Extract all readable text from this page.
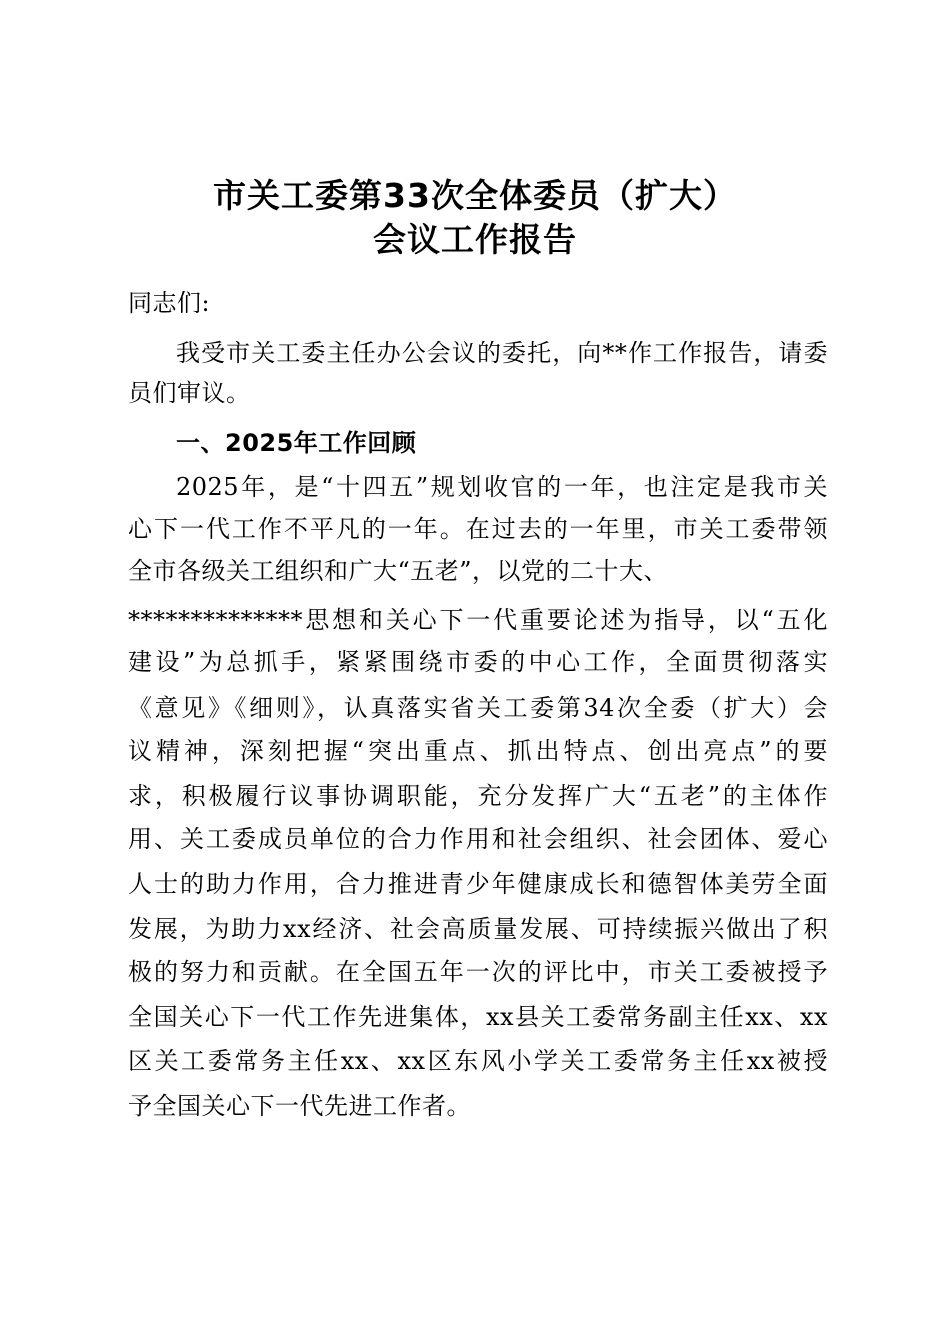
市关工委第33次全体委员（扩大）
会议工作报告
同志们:
我受市关工委主任办公会议的委托，向**作工作报告，请委
员们审议。
一、2025年工作回顾
2025年，是“十四五”规划收官的一年，也注定是我市关
心下一代工作不平凡的一年。在过去的一年里，市关工委带领
全市各级关工组织和广大“五老”，以党的二十大、
**************思想和关心下一代重要论述为指导，以“五化
建设”为总抓手，紧紧围绕市委的中心工作，全面贯彻落实
《意见》《细则》，认真落实省关工委第34次全委（扩大）会
议精神，深刻把握“突出重点、抓出特点、创出亮点”的要
求，积极履行议事协调职能，充分发挥广大“五老”的主体作
用、关工委成员单位的合力作用和社会组织、社会团体、爱心
人士的助力作用，合力推进青少年健康成长和德智体美劳全面
发展，为助力xx经济、社会高质量发展、可持续振兴做出了积
极的努力和贡献。在全国五年一次的评比中，市关工委被授予
全国关心下一代工作先进集体，xx县关工委常务副主任xx、xx
区关工委常务主任xx、xx区东风小学关工委常务主任xx被授
予全国关心下一代先进工作者。
